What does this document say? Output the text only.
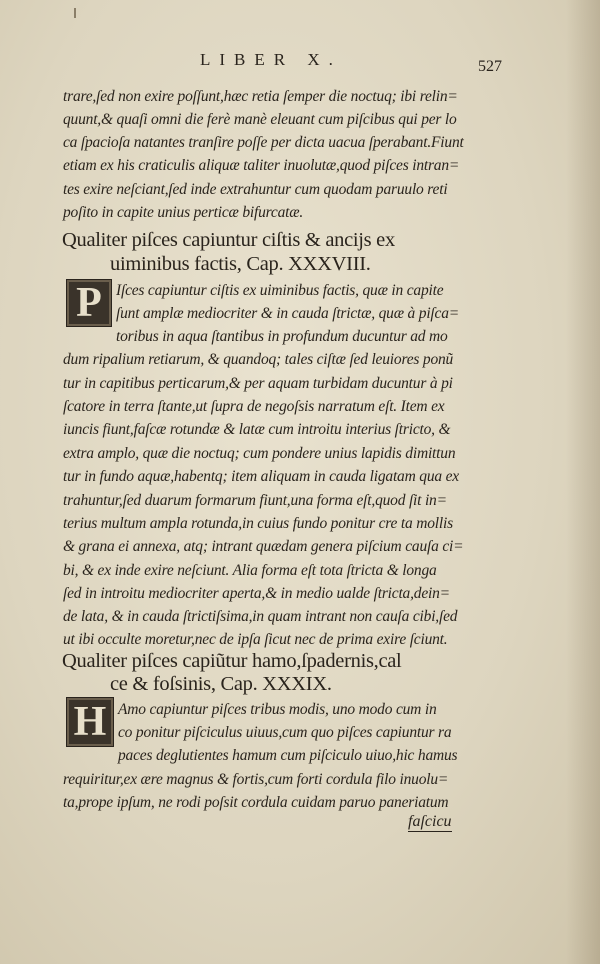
LIBER X.	527
trare,ſed non exire poſſunt,hæc retia ſemper die noctuq; ibi relin=
quunt,& quaſi omni die ferè manè eleuant cum piſcibus qui per lo
ca ſpacioſa natantes tranſire poſſe per dicta uacua ſperabant.Fiunt
etiam ex his craticulis aliquæ taliter inuolutæ,quod piſces intran=
tes exire neſciant,ſed inde extrahuntur cum quodam paruulo reti
poſito in capite unius perticæ bifurcatæ.
Qualiter piſces capiuntur ciſtis & ancijs ex
uiminibus factis, Cap. XXXVIII.
P Iſces capiuntur ciſtis ex uiminibus factis, quæ in capite
ſunt amplæ mediocriter & in cauda ſtrictæ, quæ à piſca=
toribus in aqua ſtantibus in profundum ducuntur ad mo
dum ripalium retiarum, & quandoq; tales ciſtæ ſed leuiores ponũ
tur in capitibus perticarum,& per aquam turbidam ducuntur à pi
ſcatore in terra ſtante,ut ſupra de negoſsis narratum eſt. Item ex
iuncis fiunt,faſcæ rotundæ & latæ cum introitu interius ſtricto, &
extra amplo, quæ die noctuq; cum pondere unius lapidis dimittun
tur in fundo aquæ,habentq; item aliquam in cauda ligatam qua ex
trahuntur,ſed duarum formarum fiunt,una forma eſt,quod ſit in=
terius multum ampla rotunda,in cuius fundo ponitur cre ta mollis
& grana ei annexa, atq; intrant quædam genera piſcium cauſa ci=
bi, & ex inde exire neſciunt. Alia forma eſt tota ſtricta & longa
ſed in introitu mediocriter aperta,& in medio ualde ſtricta,dein=
de lata, & in cauda ſtrictiſsima,in quam intrant non cauſa cibi,ſed
ut ibi occulte moretur,nec de ipſa ſicut nec de prima exire ſciunt.
Qualiter piſces capiũtur hamo,ſpadernis,cal
ce & foſsinis, Cap. XXXIX.
H Amo capiuntur piſces tribus modis, uno modo cum in
co ponitur piſciculus uiuus,cum quo piſces capiuntur ra
paces deglutientes hamum cum piſciculo uiuo,hic hamus
requiritur,ex ære magnus & fortis,cum forti cordula filo inuolu=
ta,prope ipſum, ne rodi poſsit cordula cuidam paruo paneriatum
faſcicu
